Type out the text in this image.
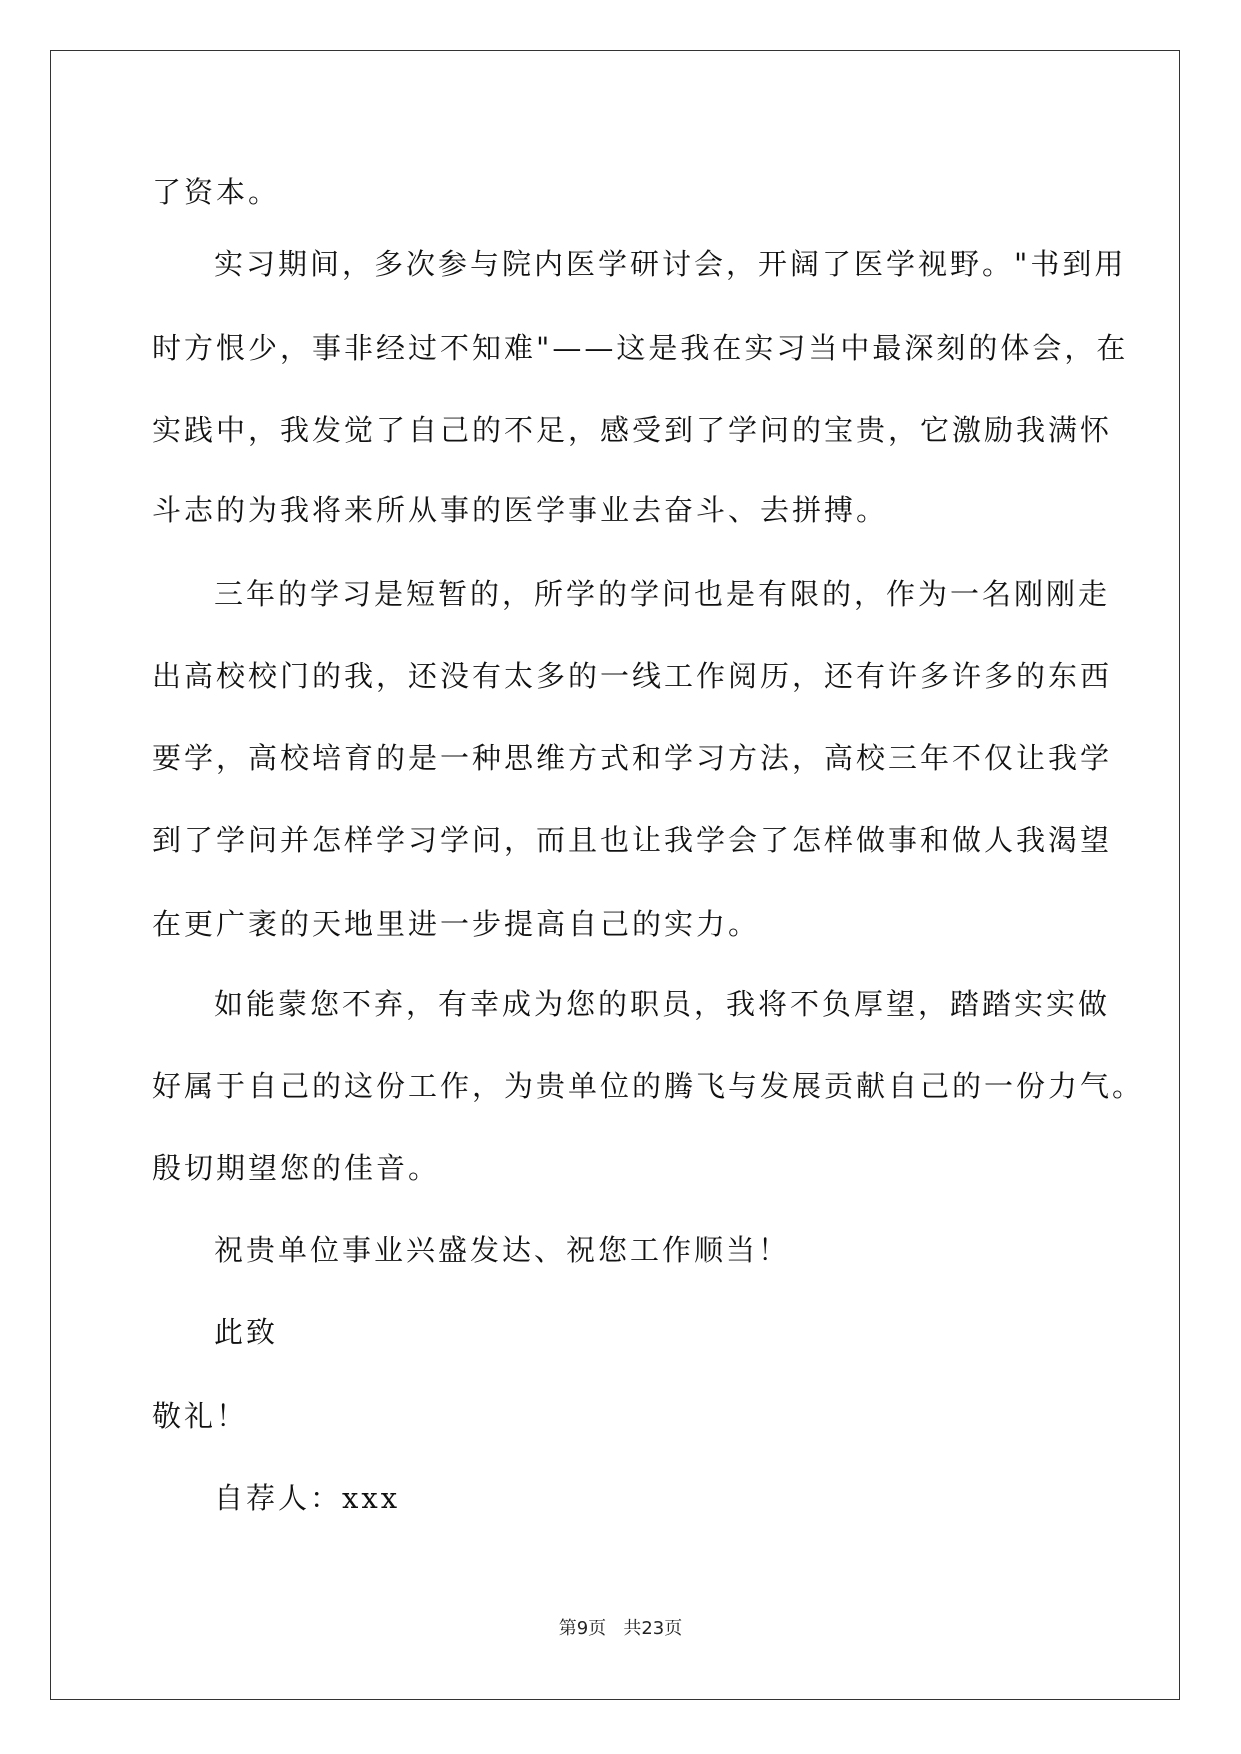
了资本。
实习期间，多次参与院内医学研讨会，开阔了医学视野。"书到用
时方恨少，事非经过不知难"——这是我在实习当中最深刻的体会，在
实践中，我发觉了自己的不足，感受到了学问的宝贵，它激励我满怀
斗志的为我将来所从事的医学事业去奋斗、去拼搏。
三年的学习是短暂的，所学的学问也是有限的，作为一名刚刚走
出高校校门的我，还没有太多的一线工作阅历，还有许多许多的东西
要学，高校培育的是一种思维方式和学习方法，高校三年不仅让我学
到了学问并怎样学习学问，而且也让我学会了怎样做事和做人我渴望
在更广袤的天地里进一步提高自己的实力。
如能蒙您不弃，有幸成为您的职员，我将不负厚望，踏踏实实做
好属于自己的这份工作，为贵单位的腾飞与发展贡献自己的一份力气。
殷切期望您的佳音。
祝贵单位事业兴盛发达、祝您工作顺当！
此致
敬礼！
自荐人：xxx
第9页 共23页
